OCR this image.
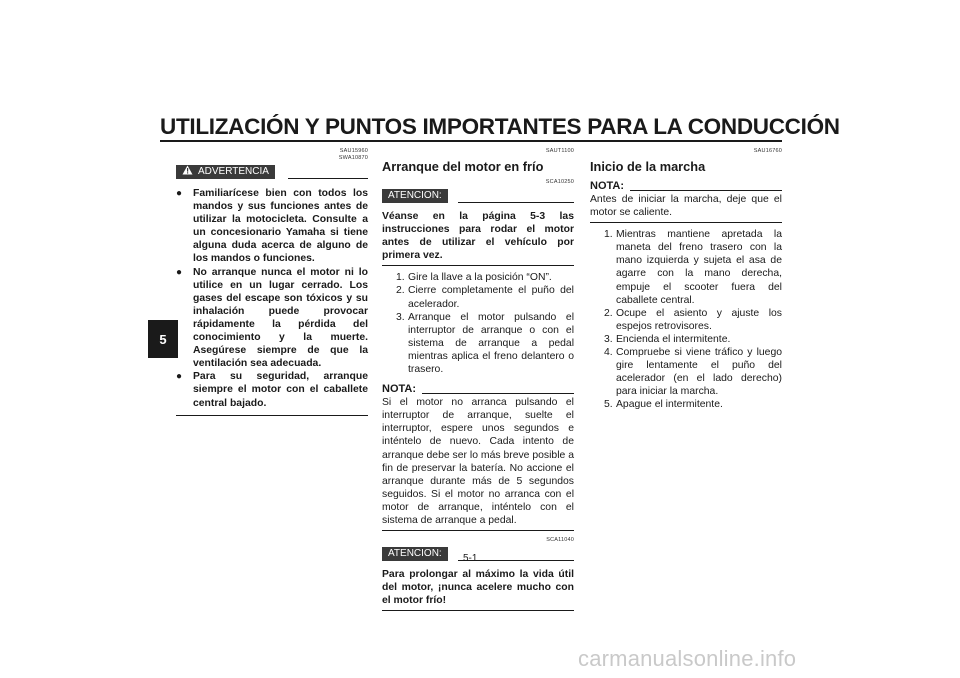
UTILIZACIÓN Y PUNTOS IMPORTANTES PARA LA CONDUCCIÓN
5
SAU15960
SWA10870
ADVERTENCIA
●	Familiarícese bien con todos los mandos y sus funciones antes de utilizar la motocicleta. Consulte a un concesionario Yamaha si tiene alguna duda acerca de alguno de los mandos o funciones.
●	No arranque nunca el motor ni lo utilice en un lugar cerrado. Los gases del escape son tóxicos y su inhalación puede provocar rápidamente la pérdida del conocimiento y la muerte. Asegúrese siempre de que la ventilación sea adecuada.
●	Para su seguridad, arranque siempre el motor con el caballete central bajado.
SAUT1100
Arranque del motor en frío
SCA10250
ATENCION:
Véanse en la página 5-3 las instrucciones para rodar el motor antes de utilizar el vehículo por primera vez.
1. Gire la llave a la posición “ON”.
2. Cierre completamente el puño del acelerador.
3. Arranque el motor pulsando el interruptor de arranque o con el sistema de arranque a pedal mientras aplica el freno delantero o trasero.
NOTA:
Si el motor no arranca pulsando el interruptor de arranque, suelte el interruptor, espere unos segundos e inténtelo de nuevo. Cada intento de arranque debe ser lo más breve posible a fin de preservar la batería. No accione el arranque durante más de 5 segundos seguidos. Si el motor no arranca con el motor de arranque, inténtelo con el sistema de arranque a pedal.
SCA11040
ATENCION:
Para prolongar al máximo la vida útil del motor, ¡nunca acelere mucho con el motor frío!
SAU16760
Inicio de la marcha
NOTA:
Antes de iniciar la marcha, deje que el motor se caliente.
1. Mientras mantiene apretada la maneta del freno trasero con la mano izquierda y sujeta el asa de agarre con la mano derecha, empuje el scooter fuera del caballete central.
2. Ocupe el asiento y ajuste los espejos retrovisores.
3. Encienda el intermitente.
4. Compruebe si viene tráfico y luego gire lentamente el puño del acelerador (en el lado derecho) para iniciar la marcha.
5. Apague el intermitente.
5-1
carmanualsonline.info
